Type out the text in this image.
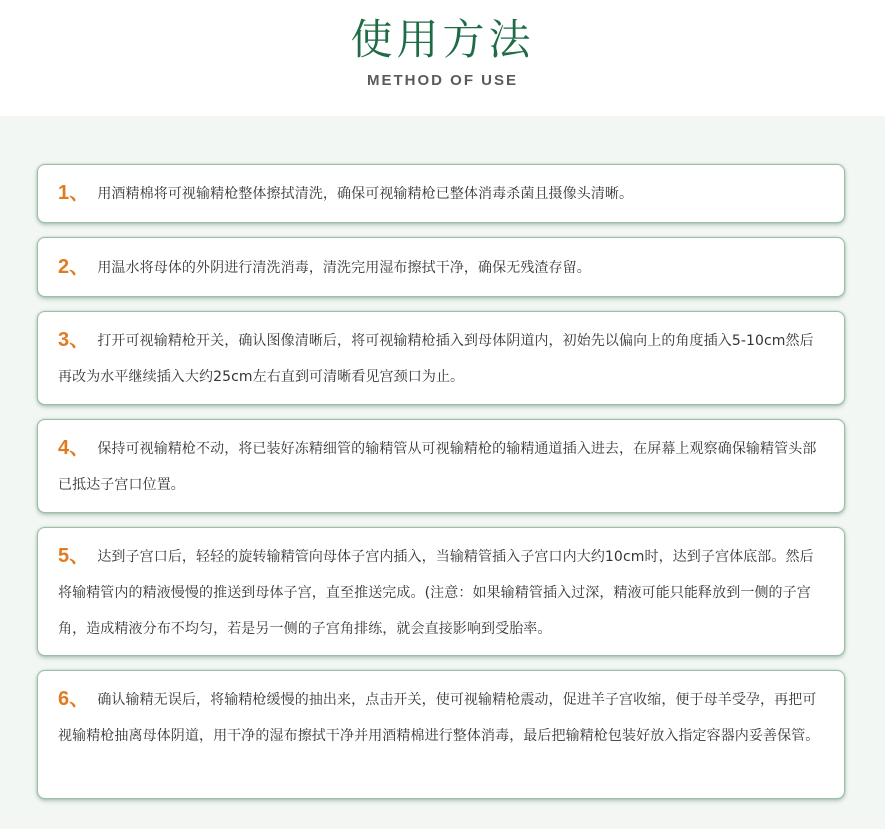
使用方法
METHOD OF USE
1、 用酒精棉将可视输精枪整体擦拭清洗，确保可视输精枪已整体消毒杀菌且摄像头清晰。
2、 用温水将母体的外阴进行清洗消毒，清洗完用湿布擦拭干净，确保无残渣存留。
3、 打开可视输精枪开关，确认图像清晰后，将可视输精枪插入到母体阴道内，初始先以偏向上的角度插入5-10cm然后再改为水平继续插入大约25cm左右直到可清晰看见宫颈口为止。
4、 保持可视输精枪不动，将已装好冻精细管的输精管从可视输精枪的输精通道插入进去，在屏幕上观察确保输精管头部已抵达子宫口位置。
5、 达到子宫口后，轻轻的旋转输精管向母体子宫内插入，当输精管插入子宫口内大约10cm时，达到子宫体底部。然后将输精管内的精液慢慢的推送到母体子宫，直至推送完成。(注意：如果输精管插入过深，精液可能只能释放到一侧的子宫角，造成精液分布不均匀，若是另一侧的子宫角排练，就会直接影响到受胎率。
6、 确认输精无误后，将输精枪缓慢的抽出来，点击开关，使可视输精枪震动，促进羊子宫收缩，便于母羊受孕，再把可视输精枪抽离母体阴道，用干净的湿布擦拭干净并用酒精棉进行整体消毒，最后把输精枪包装好放入指定容器内妥善保管。
